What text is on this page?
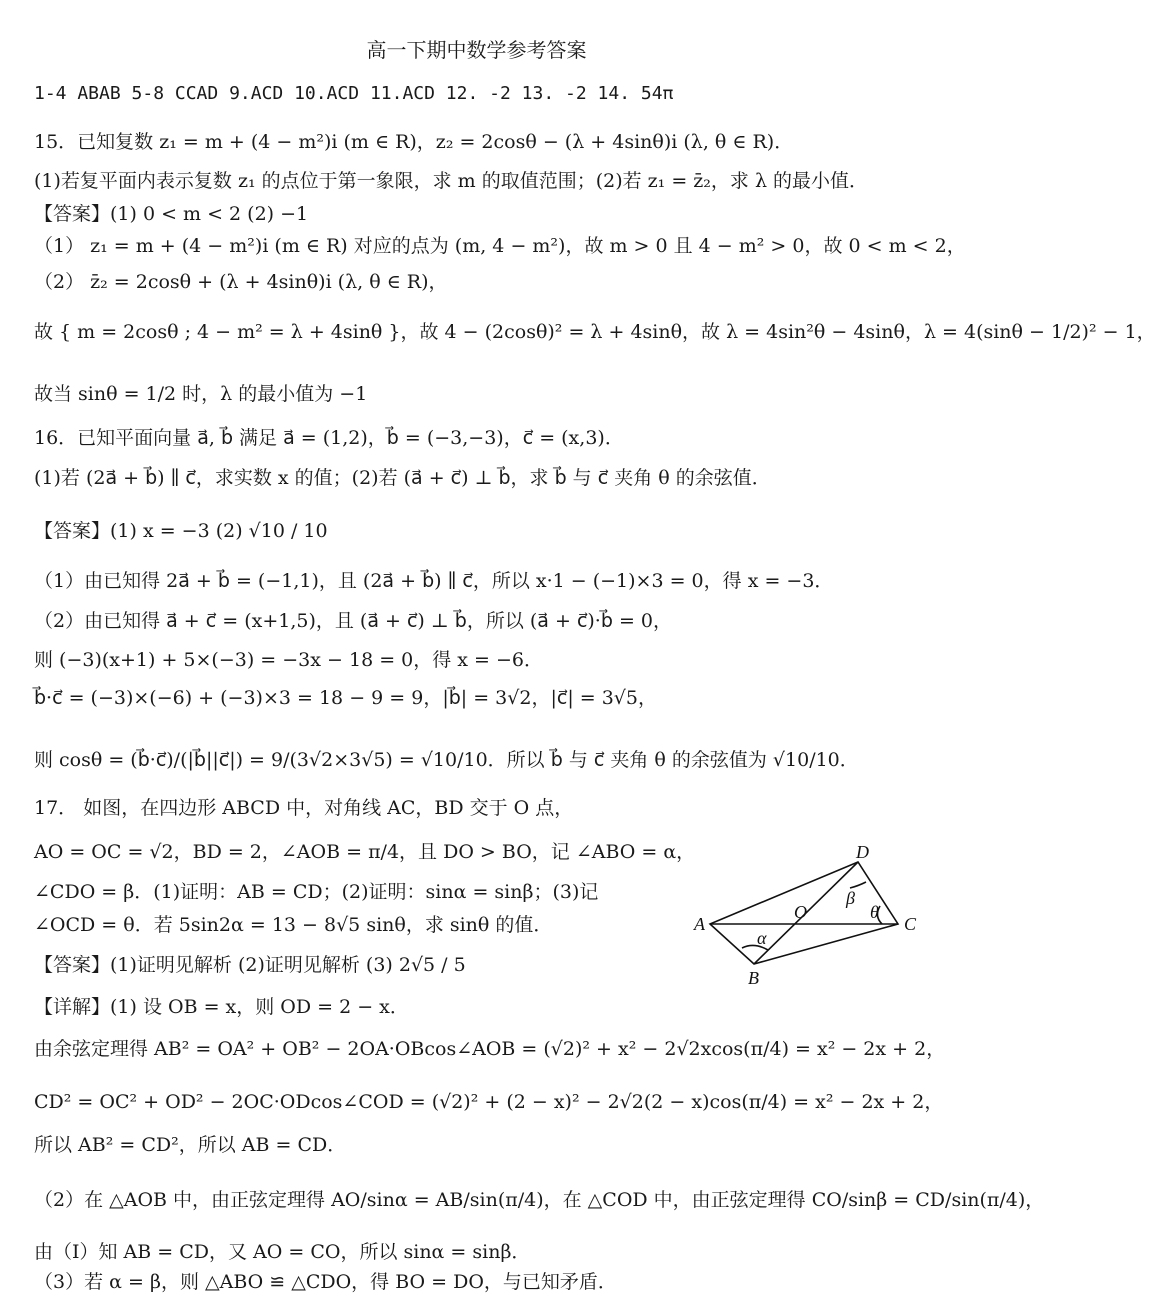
高一下期中数学参考答案
1-4 ABAB 5-8 CCAD 9.ACD 10.ACD 11.ACD 12. -2 13. -2 14. 54π
15．已知复数 z₁ = m + (4 − m²)i (m ∈ R)，z₂ = 2cosθ − (λ + 4sinθ)i (λ, θ ∈ R)．
(1)若复平面内表示复数 z₁ 的点位于第一象限，求 m 的取值范围；(2)若 z₁ = z̄₂，求 λ 的最小值．
【答案】(1) 0 < m < 2 (2) −1
（1） z₁ = m + (4 − m²)i (m ∈ R) 对应的点为 (m, 4 − m²)，故 m > 0 且 4 − m² > 0，故 0 < m < 2，
（2） z̄₂ = 2cosθ + (λ + 4sinθ)i (λ, θ ∈ R)，
故 { m = 2cosθ ; 4 − m² = λ + 4sinθ }，故 4 − (2cosθ)² = λ + 4sinθ，故 λ = 4sin²θ − 4sinθ，λ = 4(sinθ − 1/2)² − 1，
故当 sinθ = 1/2 时，λ 的最小值为 −1
16．已知平面向量 a⃗, b⃗ 满足 a⃗ = (1,2)，b⃗ = (−3,−3)，c⃗ = (x,3)．
(1)若 (2a⃗ + b⃗) ∥ c⃗，求实数 x 的值；(2)若 (a⃗ + c⃗) ⊥ b⃗，求 b⃗ 与 c⃗ 夹角 θ 的余弦值．
【答案】(1) x = −3 (2) √10 / 10
（1）由已知得 2a⃗ + b⃗ = (−1,1)，且 (2a⃗ + b⃗) ∥ c⃗，所以 x·1 − (−1)×3 = 0，得 x = −3．
（2）由已知得 a⃗ + c⃗ = (x+1,5)，且 (a⃗ + c⃗) ⊥ b⃗，所以 (a⃗ + c⃗)·b⃗ = 0，
则 (−3)(x+1) + 5×(−3) = −3x − 18 = 0，得 x = −6．
b⃗·c⃗ = (−3)×(−6) + (−3)×3 = 18 − 9 = 9，|b⃗| = 3√2，|c⃗| = 3√5，
则 cosθ = (b⃗·c⃗)/(|b⃗||c⃗|) = 9/(3√2×3√5) = √10/10．所以 b⃗ 与 c⃗ 夹角 θ 的余弦值为 √10/10．
17． 如图，在四边形 ABCD 中，对角线 AC，BD 交于 O 点，
AO = OC = √2，BD = 2，∠AOB = π/4，且 DO > BO，记 ∠ABO = α，
∠CDO = β．(1)证明：AB = CD；(2)证明：sinα = sinβ；(3)记
∠OCD = θ．若 5sin2α = 13 − 8√5 sinθ，求 sinθ 的值．
【答案】(1)证明见解析 (2)证明见解析 (3) 2√5 / 5
【详解】(1) 设 OB = x，则 OD = 2 − x．
由余弦定理得 AB² = OA² + OB² − 2OA·OBcos∠AOB = (√2)² + x² − 2√2xcos(π/4) = x² − 2x + 2，
CD² = OC² + OD² − 2OC·ODcos∠COD = (√2)² + (2 − x)² − 2√2(2 − x)cos(π/4) = x² − 2x + 2，
所以 AB² = CD²，所以 AB = CD．
（2）在 △AOB 中，由正弦定理得 AO/sinα = AB/sin(π/4)，在 △COD 中，由正弦定理得 CO/sinβ = CD/sin(π/4)，
由（Ⅰ）知 AB = CD，又 AO = CO，所以 sinα = sinβ．
（3）若 α = β，则 △ABO ≌ △CDO，得 BO = DO，与已知矛盾．
A
B
C
D
O
α
β
θ
